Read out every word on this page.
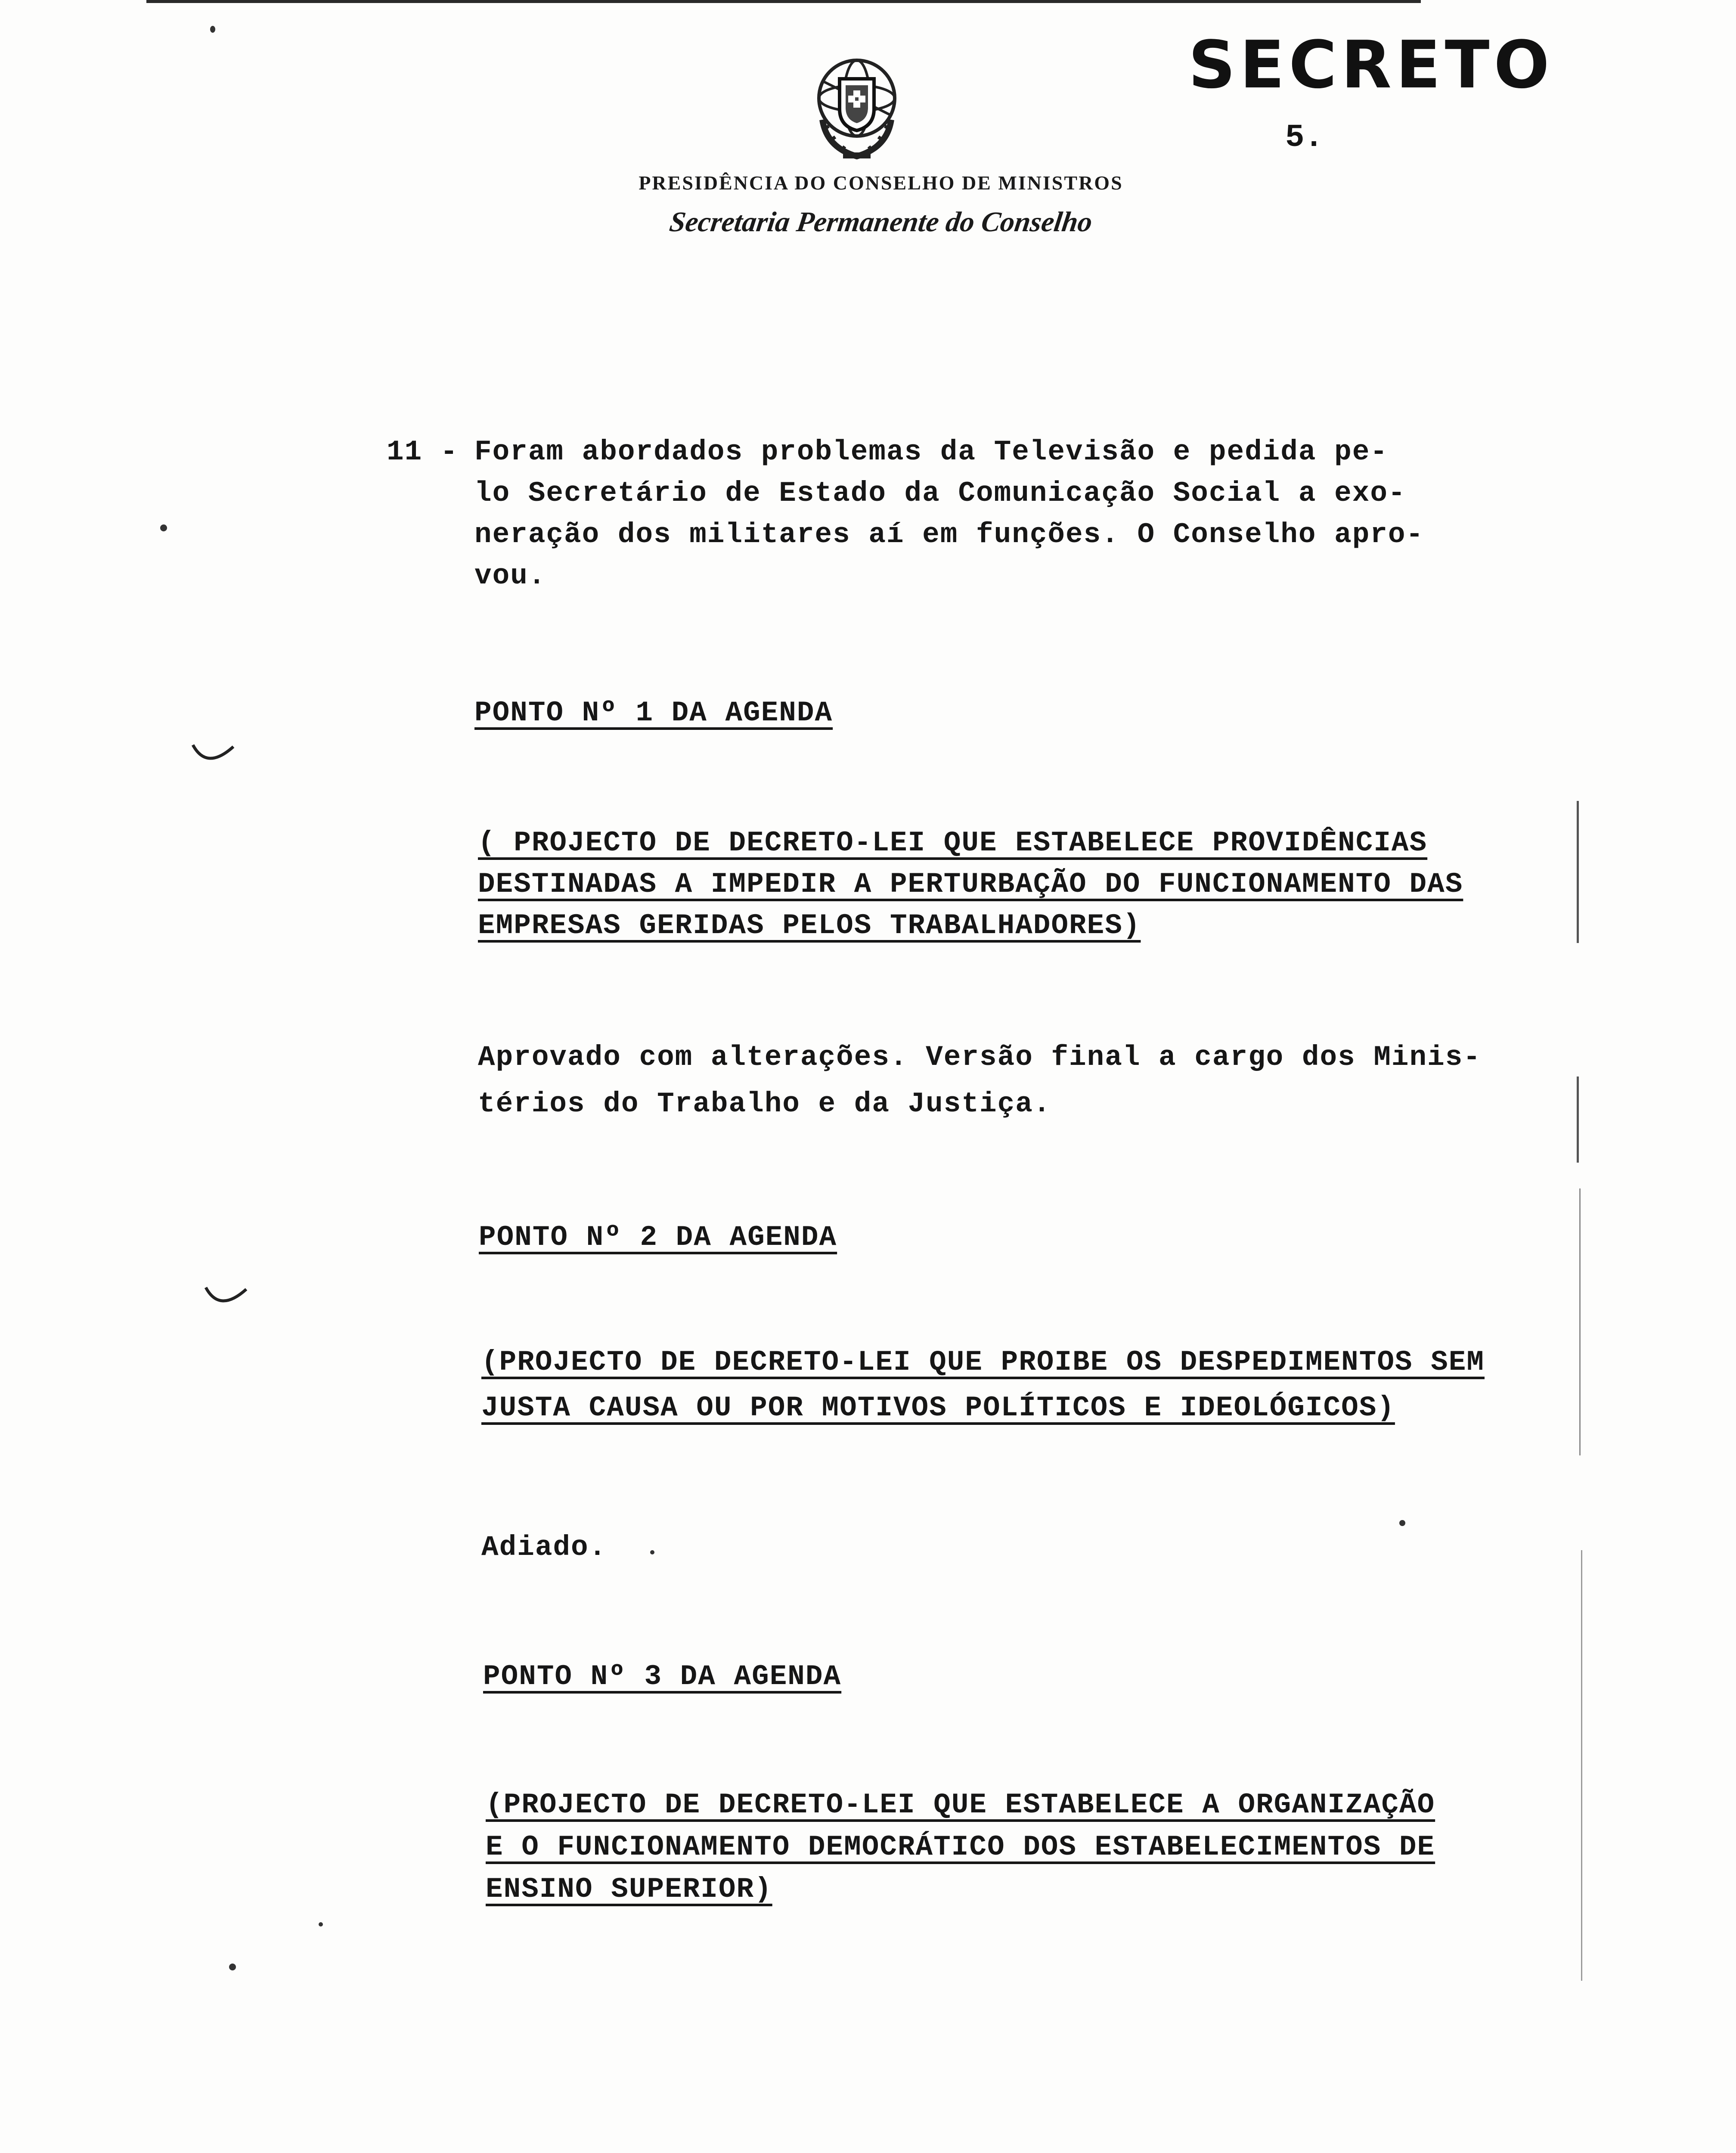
SECRETO
5.
PRESIDÊNCIA DO CONSELHO DE MINISTROS
Secretaria Permanente do Conselho
11 - Foram abordados problemas da Televisão e pedida pe-
lo Secretário de Estado da Comunicação Social a exo-
neração dos militares aí em funções. O Conselho apro-
vou.
PONTO Nº 1 DA AGENDA
( PROJECTO DE DECRETO-LEI QUE ESTABELECE PROVIDÊNCIAS
DESTINADAS A IMPEDIR A PERTURBAÇÃO DO FUNCIONAMENTO DAS
EMPRESAS GERIDAS PELOS TRABALHADORES)
Aprovado com alterações. Versão final a cargo dos Minis-
térios do Trabalho e da Justiça.
PONTO Nº 2 DA AGENDA
(PROJECTO DE DECRETO-LEI QUE PROIBE OS DESPEDIMENTOS SEM
JUSTA CAUSA OU POR MOTIVOS POLÍTICOS E IDEOLÓGICOS)
Adiado.
PONTO Nº 3 DA AGENDA
(PROJECTO DE DECRETO-LEI QUE ESTABELECE A ORGANIZAÇÃO
E O FUNCIONAMENTO DEMOCRÁTICO DOS ESTABELECIMENTOS DE
ENSINO SUPERIOR)
